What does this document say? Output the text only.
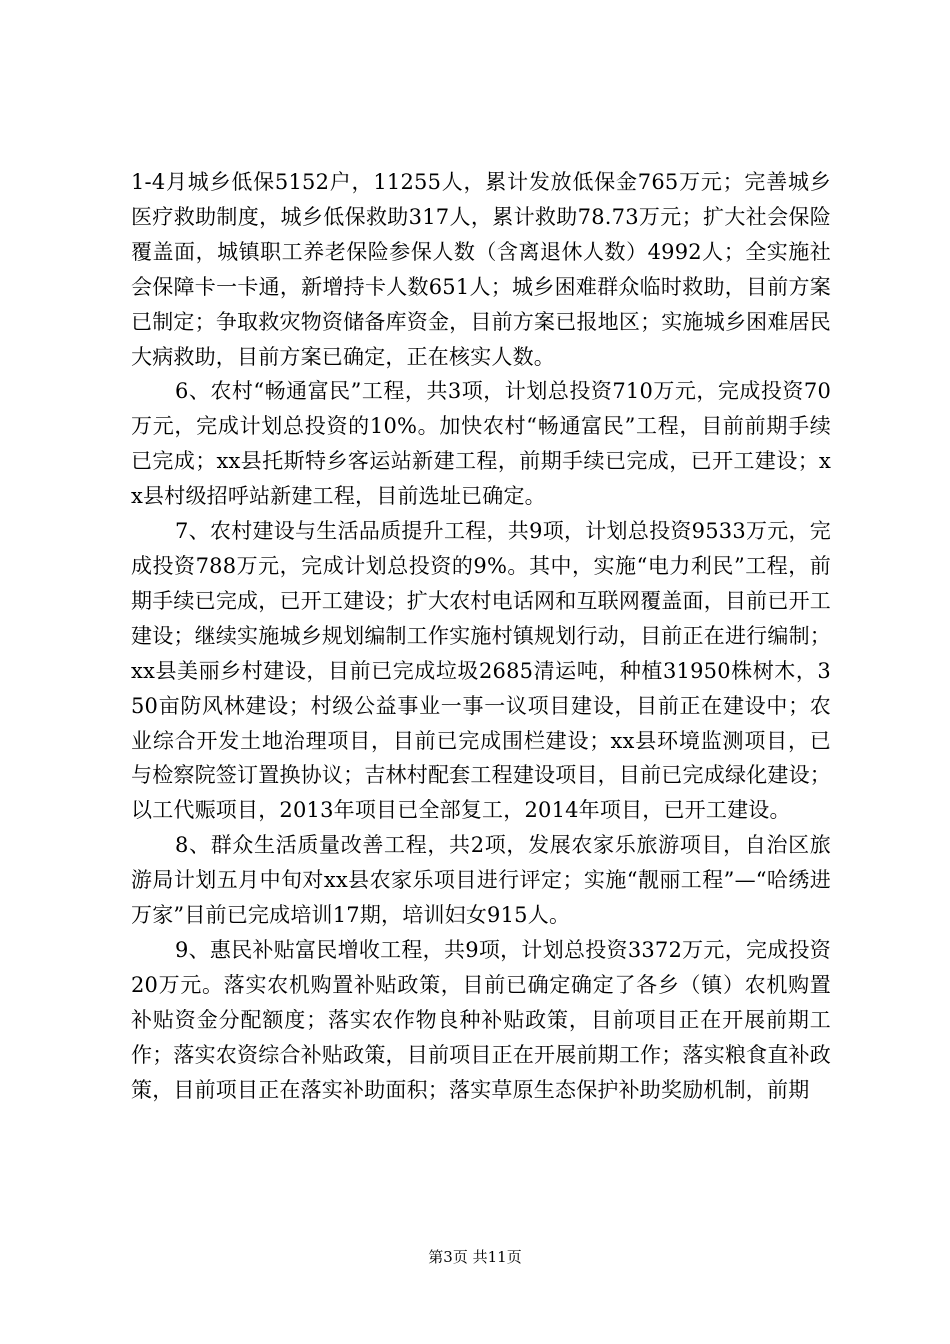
1-4月城乡低保5152户，11255人，累计发放低保金765万元；完善城乡医疗救助制度，城乡低保救助317人，累计救助78.73万元；扩大社会保险覆盖面，城镇职工养老保险参保人数（含离退休人数）4992人；全实施社会保障卡一卡通，新增持卡人数651人；城乡困难群众临时救助，目前方案已制定；争取救灾物资储备库资金，目前方案已报地区；实施城乡困难居民大病救助，目前方案已确定，正在核实人数。

6、农村“畅通富民”工程，共3项，计划总投资710万元，完成投资70万元，完成计划总投资的10%。加快农村“畅通富民”工程，目前前期手续已完成；xx县托斯特乡客运站新建工程，前期手续已完成，已开工建设；xx县村级招呼站新建工程，目前选址已确定。

7、农村建设与生活品质提升工程，共9项，计划总投资9533万元，完成投资788万元，完成计划总投资的9%。其中，实施“电力利民”工程，前期手续已完成，已开工建设；扩大农村电话网和互联网覆盖面，目前已开工建设；继续实施城乡规划编制工作实施村镇规划行动，目前正在进行编制；xx县美丽乡村建设，目前已完成垃圾2685清运吨，种植31950株树木，350亩防风林建设；村级公益事业一事一议项目建设，目前正在建设中；农业综合开发土地治理项目，目前已完成围栏建设；xx县环境监测项目，已与检察院签订置换协议；吉林村配套工程建设项目，目前已完成绿化建设；以工代赈项目，2013年项目已全部复工，2014年项目，已开工建设。

8、群众生活质量改善工程，共2项，发展农家乐旅游项目，自治区旅游局计划五月中旬对xx县农家乐项目进行评定；实施“靓丽工程”—“哈绣进万家”目前已完成培训17期，培训妇女915人。

9、惠民补贴富民增收工程，共9项，计划总投资3372万元，完成投资20万元。落实农机购置补贴政策，目前已确定确定了各乡（镇）农机购置补贴资金分配额度；落实农作物良种补贴政策，目前项目正在开展前期工作；落实农资综合补贴政策，目前项目正在开展前期工作；落实粮食直补政策，目前项目正在落实补助面积；落实草原生态保护补助奖励机制，前期

第3页 共11页
